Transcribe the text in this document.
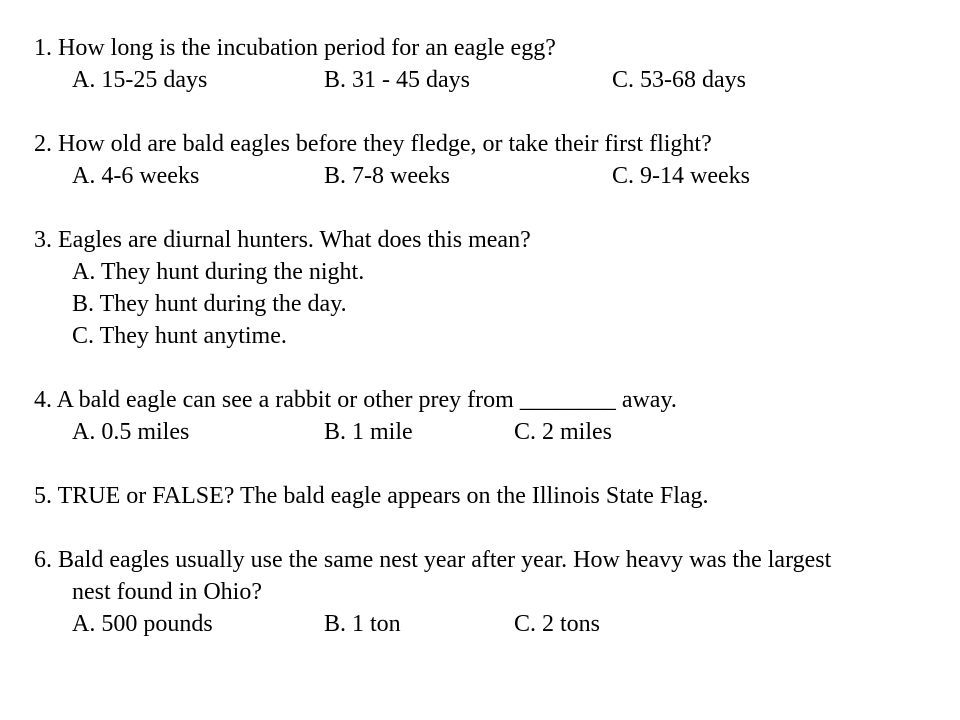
1. How long is the incubation period for an eagle egg?
A. 15-25 days	B. 31 - 45 days	C. 53-68 days
2. How old are bald eagles before they fledge, or take their first flight?
A. 4-6 weeks	B. 7-8 weeks	C. 9-14 weeks
3. Eagles are diurnal hunters. What does this mean?
A. They hunt during the night.
B. They hunt during the day.
C. They hunt anytime.
4. A bald eagle can see a rabbit or other prey from ________ away.
A. 0.5 miles	B. 1 mile	C. 2 miles
5. TRUE or FALSE? The bald eagle appears on the Illinois State Flag.
6. Bald eagles usually use the same nest year after year. How heavy was the largest
nest found in Ohio?
A. 500 pounds	B. 1 ton	C. 2 tons
